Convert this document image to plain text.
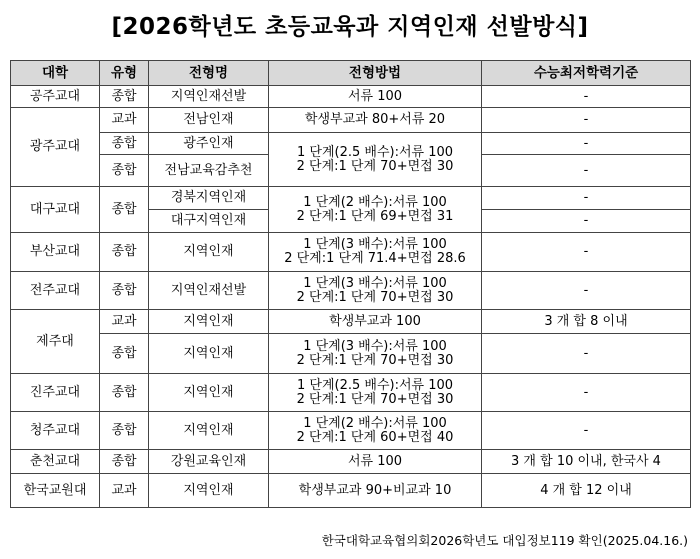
[2026학년도 초등교육과 지역인재 선발방식]
대학	유형	전형명	전형방법	수능최저학력기준
공주교대	종합	지역인재선발	서류 100	-
광주교대	교과	전남인재	학생부교과 80+서류 20	-
	종합	광주인재	1 단계(2.5 배수):서류 100
2 단계:1 단계 70+면접 30	-
	종합	전남교육감추천		-
대구교대	종합	경북지역인재	1 단계(2 배수):서류 100
2 단계:1 단계 69+면접 31	-
		대구지역인재		-
부산교대	종합	지역인재	1 단계(3 배수):서류 100
2 단계:1 단계 71.4+면접 28.6	-
전주교대	종합	지역인재선발	1 단계(3 배수):서류 100
2 단계:1 단계 70+면접 30	-
제주대	교과	지역인재	학생부교과 100	3 개 합 8 이내
	종합	지역인재	1 단계(3 배수):서류 100
2 단계:1 단계 70+면접 30	-
진주교대	종합	지역인재	1 단계(2.5 배수):서류 100
2 단계:1 단계 70+면접 30	-
청주교대	종합	지역인재	1 단계(2 배수):서류 100
2 단계:1 단계 60+면접 40	-
춘천교대	종합	강원교육인재	서류 100	3 개 합 10 이내, 한국사 4
한국교원대	교과	지역인재	학생부교과 90+비교과 10	4 개 합 12 이내
한국대학교육협의회2026학년도 대입정보119 확인(2025.04.16.)
